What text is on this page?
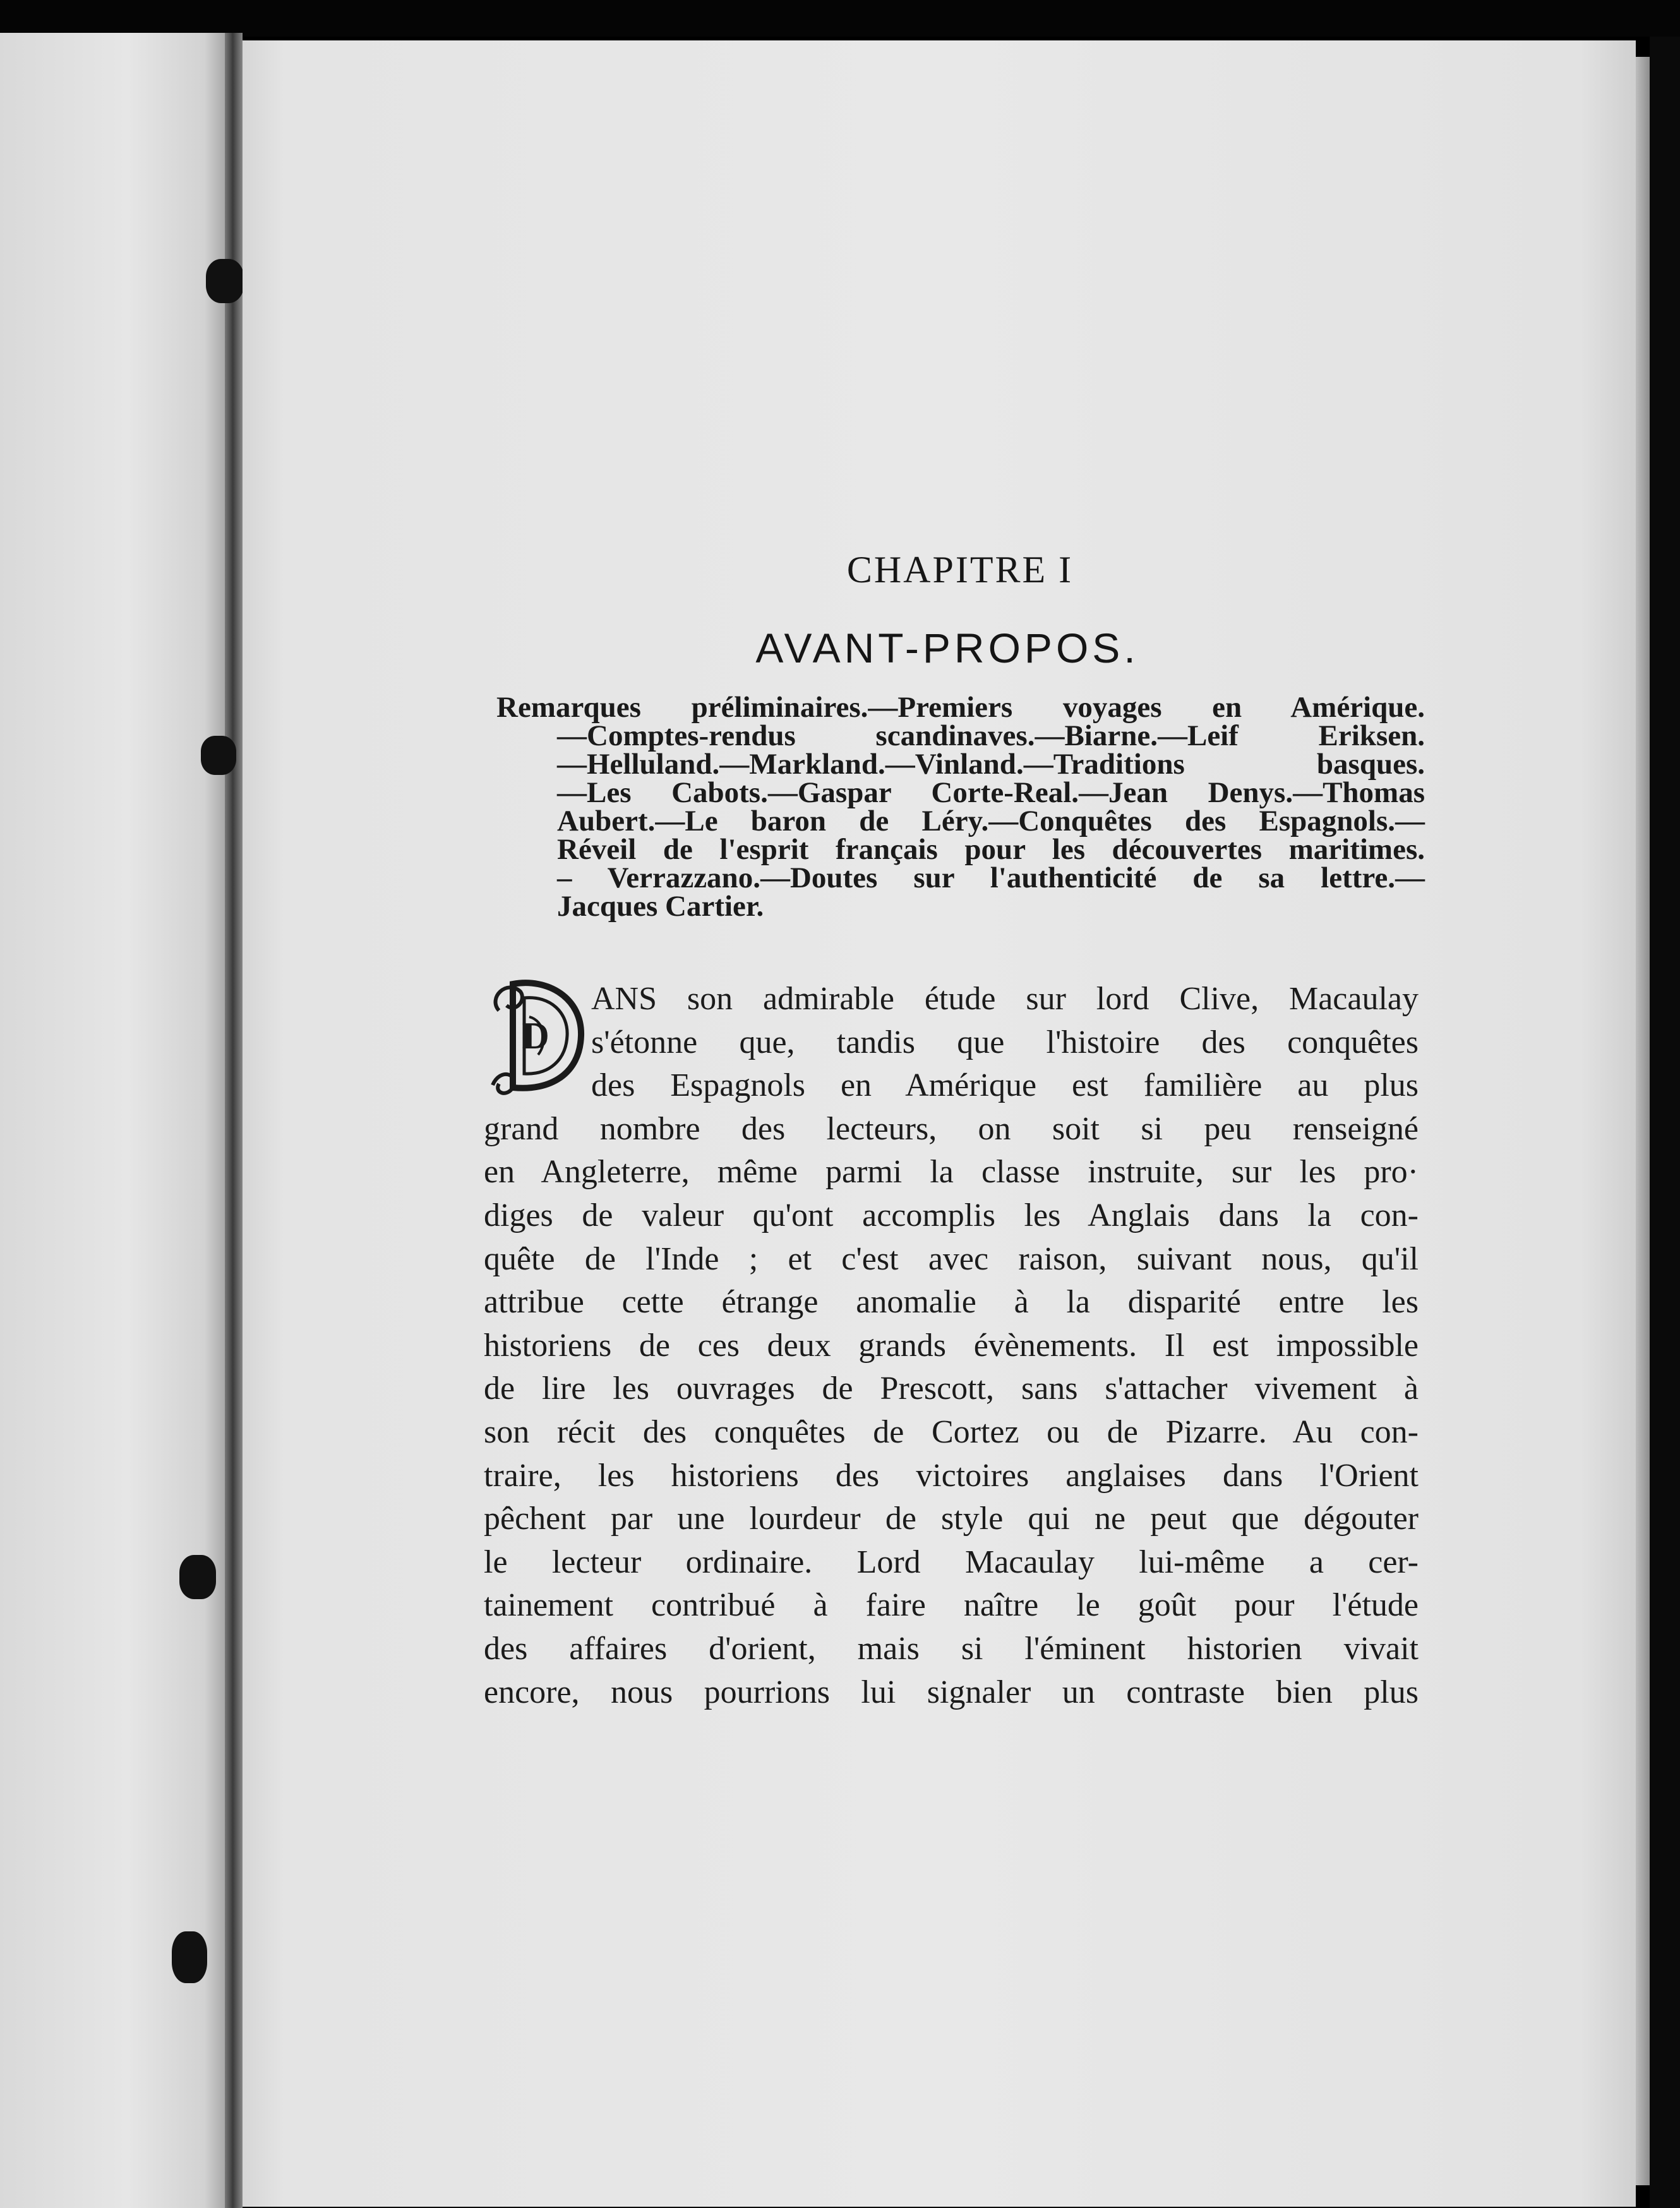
CHAPITRE I
AVANT-PROPOS.
Remarques préliminaires.—Premiers voyages en Amérique.
—Comptes-rendus scandinaves.—Biarne.—Leif Eriksen.
—Helluland.—Markland.—Vinland.—Traditions basques.
—Les Cabots.—Gaspar Corte-Real.—Jean Denys.—Thomas
Aubert.—Le baron de Léry.—Conquêtes des Espagnols.—
Réveil de l'esprit français pour les découvertes maritimes.
– Verrazzano.—Doutes sur l'authenticité de sa lettre.—
Jacques Cartier.
D
ANS son admirable étude sur lord Clive, Macaulay
s'étonne que, tandis que l'histoire des conquêtes
des Espagnols en Amérique est familière au plus
grand nombre des lecteurs, on soit si peu renseigné
en Angleterre, même parmi la classe instruite, sur les pro·
diges de valeur qu'ont accomplis les Anglais dans la con-
quête de l'Inde ; et c'est avec raison, suivant nous, qu'il
attribue cette étrange anomalie à la disparité entre les
historiens de ces deux grands évènements. Il est impossible
de lire les ouvrages de Prescott, sans s'attacher vivement à
son récit des conquêtes de Cortez ou de Pizarre. Au con-
traire, les historiens des victoires anglaises dans l'Orient
pêchent par une lourdeur de style qui ne peut que dégouter
le lecteur ordinaire. Lord Macaulay lui-même a cer-
tainement contribué à faire naître le goût pour l'étude
des affaires d'orient, mais si l'éminent historien vivait
encore, nous pourrions lui signaler un contraste bien plus
